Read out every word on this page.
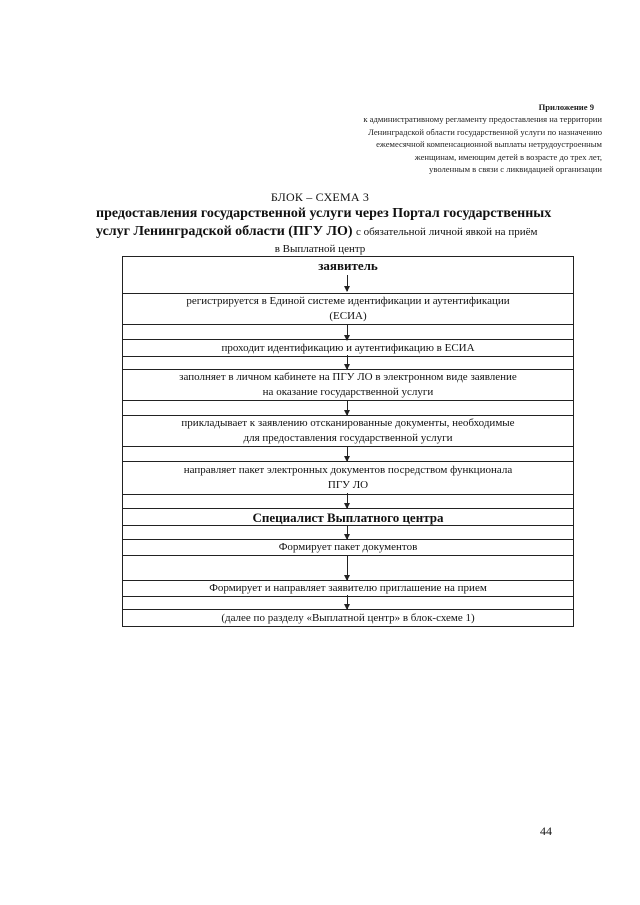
Приложение 9
к административному регламенту предоставления на территории
Ленинградской области государственной услуги по назначению
ежемесячной компенсационной выплаты нетрудоустроенным
женщинам, имеющим детей в возрасте до трех лет,
уволенным в связи с ликвидацией организации
БЛОК – СХЕМА 3
предоставления государственной услуги через Портал государственных
услуг Ленинградской области (ПГУ ЛО) с обязательной личной явкой на приём
в Выплатной центр
заявитель
регистрируется в Единой системе идентификации и аутентификации
(ЕСИА)
проходит идентификацию и аутентификацию в ЕСИА
заполняет в личном кабинете на ПГУ ЛО в электронном виде заявление
на оказание государственной услуги
прикладывает к заявлению отсканированные документы, необходимые
для предоставления государственной услуги
направляет пакет электронных документов посредством функционала
ПГУ ЛО
Специалист Выплатного центра
Формирует пакет документов
Формирует и направляет заявителю приглашение на прием
(далее по разделу «Выплатной центр» в блок-схеме 1)
44
